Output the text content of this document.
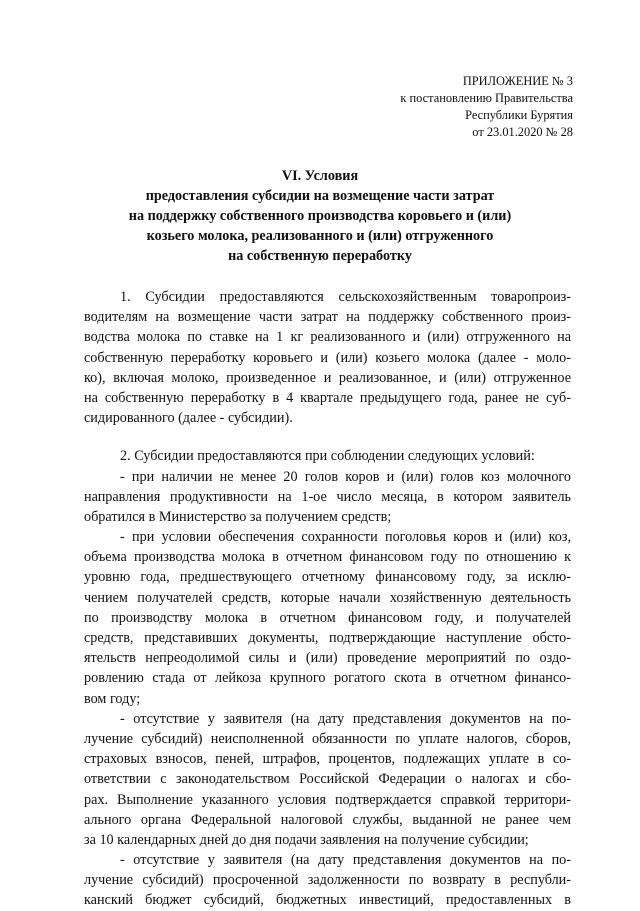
ПРИЛОЖЕНИЕ № 3
к постановлению Правительства
Республики Бурятия
от 23.01.2020 № 28
VI. Условия
предоставления субсидии на возмещение части затрат
на поддержку собственного производства коровьего и (или)
козьего молока, реализованного и (или) отгруженного
на собственную переработку
1. Субсидии предоставляются сельскохозяйственным товаропроиз-
водителям на возмещение части затрат на поддержку собственного произ-
водства молока по ставке на 1 кг реализованного и (или) отгруженного на
собственную переработку коровьего и (или) козьего молока (далее - моло-
ко), включая молоко, произведенное и реализованное, и (или) отгруженное
на собственную переработку в 4 квартале предыдущего года, ранее не суб-
сидированного (далее - субсидии).
2. Субсидии предоставляются при соблюдении следующих условий:
- при наличии не менее 20 голов коров и (или) голов коз молочного
направления продуктивности на 1-ое число месяца, в котором заявитель
обратился в Министерство за получением средств;
- при условии обеспечения сохранности поголовья коров и (или) коз,
объема производства молока в отчетном финансовом году по отношению к
уровню года, предшествующего отчетному финансовому году, за исклю-
чением получателей средств, которые начали хозяйственную деятельность
по производству молока в отчетном финансовом году, и получателей
средств, представивших документы, подтверждающие наступление обсто-
ятельств непреодолимой силы и (или) проведение мероприятий по оздо-
ровлению стада от лейкоза крупного рогатого скота в отчетном финансо-
вом году;
- отсутствие у заявителя (на дату представления документов на по-
лучение субсидий) неисполненной обязанности по уплате налогов, сборов,
страховых взносов, пеней, штрафов, процентов, подлежащих уплате в со-
ответствии с законодательством Российской Федерации о налогах и сбо-
рах. Выполнение указанного условия подтверждается справкой территори-
ального органа Федеральной налоговой службы, выданной не ранее чем
за 10 календарных дней до дня подачи заявления на получение субсидии;
- отсутствие у заявителя (на дату представления документов на по-
лучение субсидий) просроченной задолженности по возврату в республи-
канский бюджет субсидий, бюджетных инвестиций, предоставленных в
